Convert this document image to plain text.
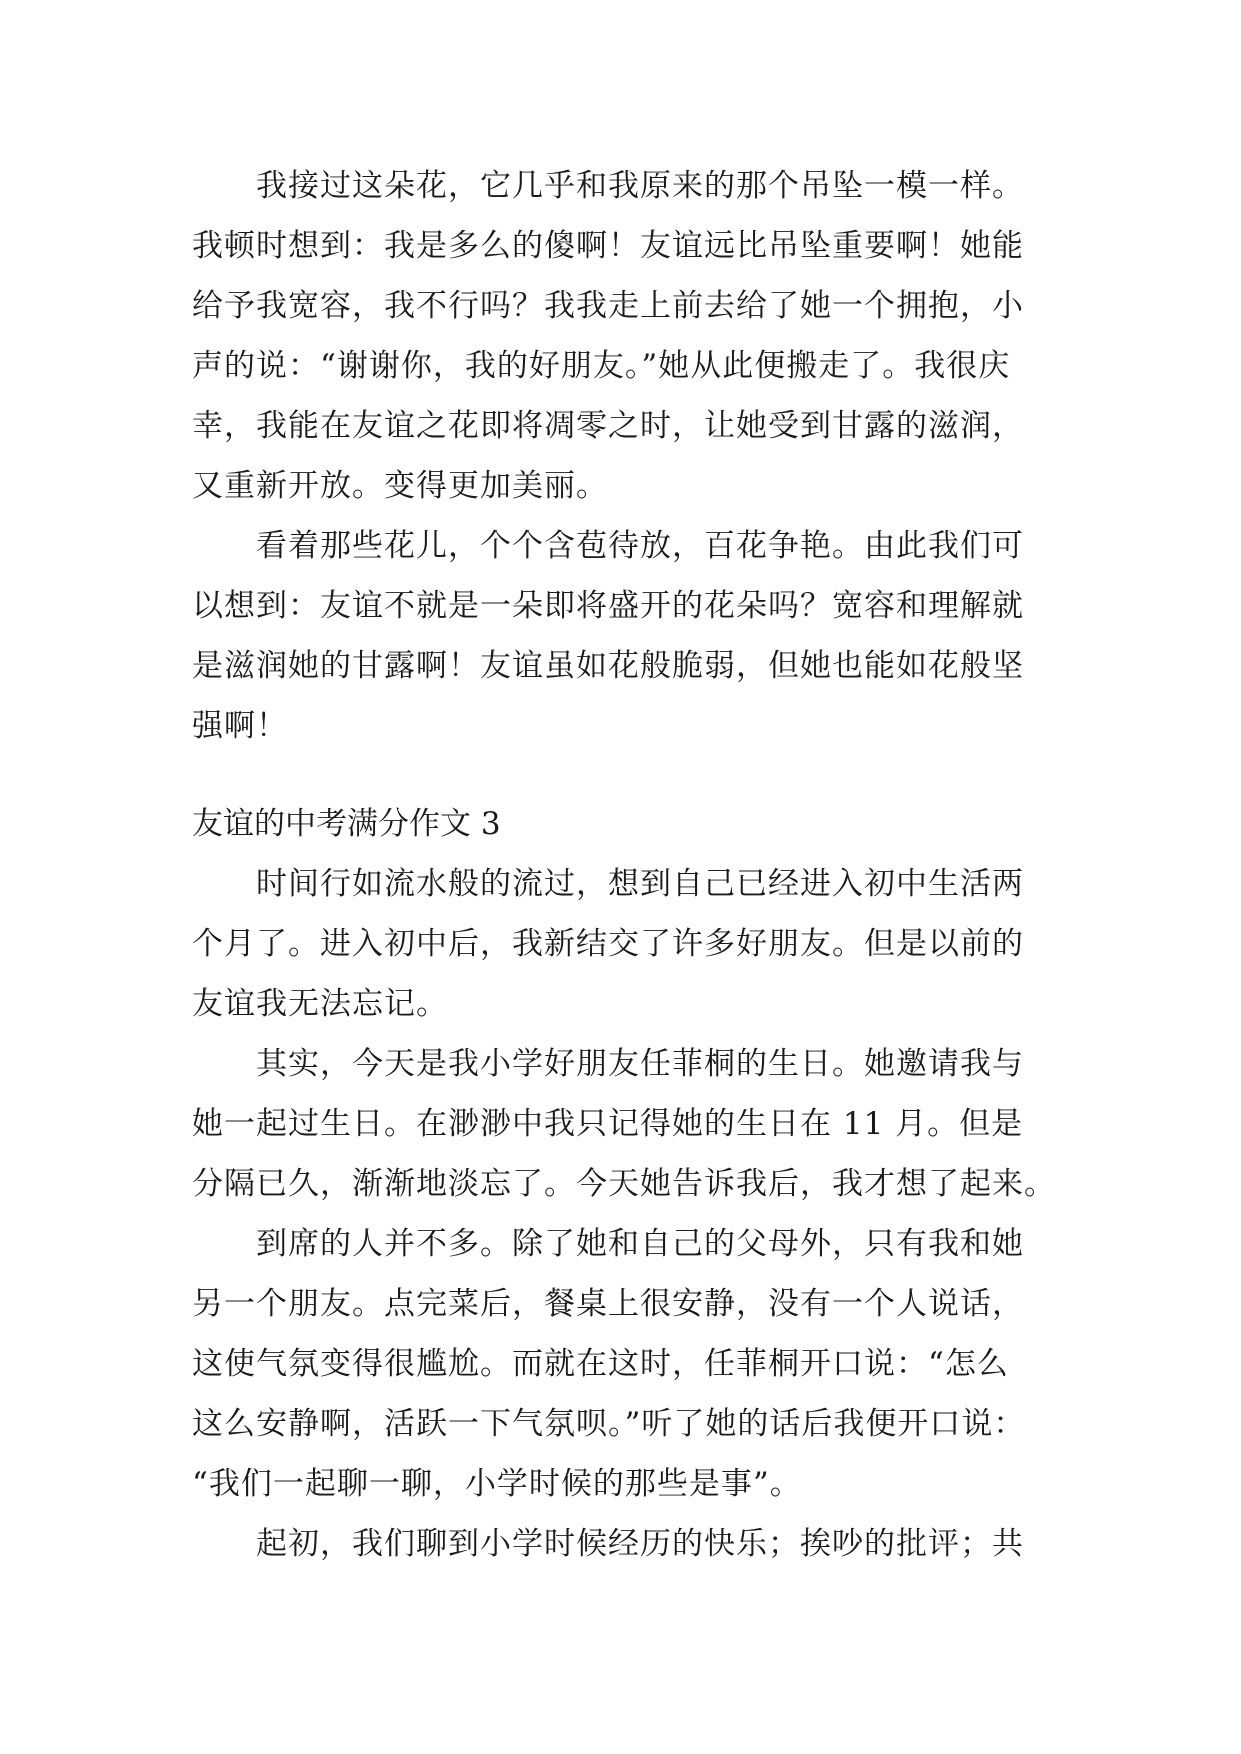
我接过这朵花，它几乎和我原来的那个吊坠一模一样。
我顿时想到：我是多么的傻啊！友谊远比吊坠重要啊！她能
给予我宽容，我不行吗？我我走上前去给了她一个拥抱，小
声的说：“谢谢你，我的好朋友。”她从此便搬走了。我很庆
幸，我能在友谊之花即将凋零之时，让她受到甘露的滋润，
又重新开放。变得更加美丽。
看着那些花儿，个个含苞待放，百花争艳。由此我们可
以想到：友谊不就是一朵即将盛开的花朵吗？宽容和理解就
是滋润她的甘露啊！友谊虽如花般脆弱，但她也能如花般坚
强啊！
友谊的中考满分作文 3
时间行如流水般的流过，想到自己已经进入初中生活两
个月了。进入初中后，我新结交了许多好朋友。但是以前的
友谊我无法忘记。
其实，今天是我小学好朋友任菲桐的生日。她邀请我与
她一起过生日。在渺渺中我只记得她的生日在 11 月。但是
分隔已久，渐渐地淡忘了。今天她告诉我后，我才想了起来。
到席的人并不多。除了她和自己的父母外，只有我和她
另一个朋友。点完菜后，餐桌上很安静，没有一个人说话，
这使气氛变得很尴尬。而就在这时，任菲桐开口说：“怎么
这么安静啊，活跃一下气氛呗。”听了她的话后我便开口说：
“我们一起聊一聊，小学时候的那些是事”。
起初，我们聊到小学时候经历的快乐；挨吵的批评；共
